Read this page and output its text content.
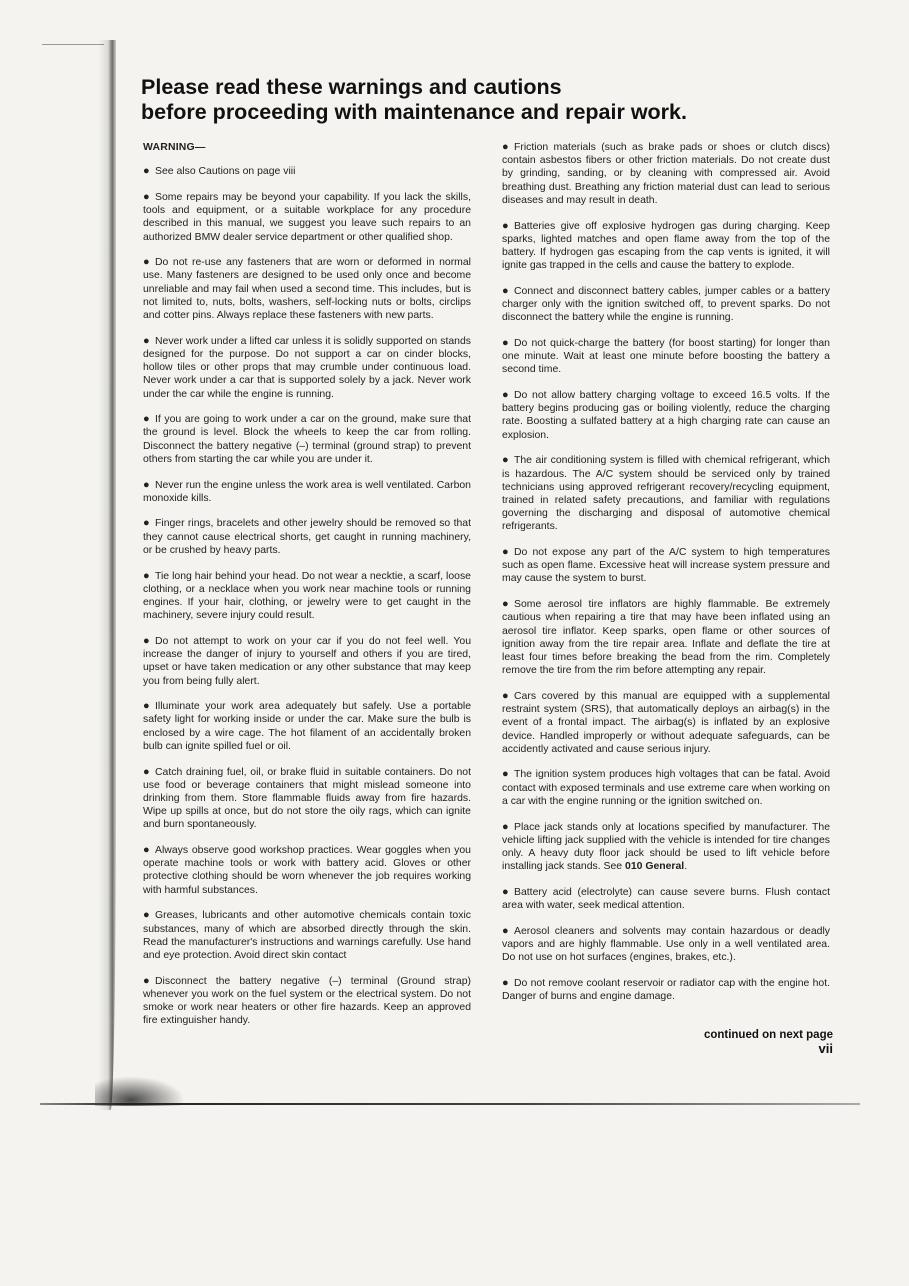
Please read these warnings and cautions
before proceeding with maintenance and repair work.

WARNING—

●See also Cautions on page viii

●Some repairs may be beyond your capability. If you lack the skills, tools and equipment, or a suitable workplace for any procedure described in this manual, we suggest you leave such repairs to an authorized BMW dealer service department or other qualified shop.

●Do not re-use any fasteners that are worn or deformed in normal use. Many fasteners are designed to be used only once and become unreliable and may fail when used a second time. This includes, but is not limited to, nuts, bolts, washers, self-locking nuts or bolts, circlips and cotter pins. Always replace these fasteners with new parts.

●Never work under a lifted car unless it is solidly supported on stands designed for the purpose. Do not support a car on cinder blocks, hollow tiles or other props that may crumble under continuous load. Never work under a car that is supported solely by a jack. Never work under the car while the engine is running.

●If you are going to work under a car on the ground, make sure that the ground is level. Block the wheels to keep the car from rolling. Disconnect the battery negative (–) terminal (ground strap) to prevent others from starting the car while you are under it.

●Never run the engine unless the work area is well ventilated. Carbon monoxide kills.

●Finger rings, bracelets and other jewelry should be removed so that they cannot cause electrical shorts, get caught in running machinery, or be crushed by heavy parts.

●Tie long hair behind your head. Do not wear a necktie, a scarf, loose clothing, or a necklace when you work near machine tools or running engines. If your hair, clothing, or jewelry were to get caught in the machinery, severe injury could result.

●Do not attempt to work on your car if you do not feel well. You increase the danger of injury to yourself and others if you are tired, upset or have taken medication or any other substance that may keep you from being fully alert.

●Illuminate your work area adequately but safely. Use a portable safety light for working inside or under the car. Make sure the bulb is enclosed by a wire cage. The hot filament of an accidentally broken bulb can ignite spilled fuel or oil.

●Catch draining fuel, oil, or brake fluid in suitable containers. Do not use food or beverage containers that might mislead someone into drinking from them. Store flammable fluids away from fire hazards. Wipe up spills at once, but do not store the oily rags, which can ignite and burn spontaneously.

●Always observe good workshop practices. Wear goggles when you operate machine tools or work with battery acid. Gloves or other protective clothing should be worn whenever the job requires working with harmful substances.

●Greases, lubricants and other automotive chemicals contain toxic substances, many of which are absorbed directly through the skin. Read the manufacturer's instructions and warnings carefully. Use hand and eye protection. Avoid direct skin contact

●Disconnect the battery negative (–) terminal (Ground strap) whenever you work on the fuel system or the electrical system. Do not smoke or work near heaters or other fire hazards. Keep an approved fire extinguisher handy.

●Friction materials (such as brake pads or shoes or clutch discs) contain asbestos fibers or other friction materials. Do not create dust by grinding, sanding, or by cleaning with compressed air. Avoid breathing dust. Breathing any friction material dust can lead to serious diseases and may result in death.

●Batteries give off explosive hydrogen gas during charging. Keep sparks, lighted matches and open flame away from the top of the battery. If hydrogen gas escaping from the cap vents is ignited, it will ignite gas trapped in the cells and cause the battery to explode.

●Connect and disconnect battery cables, jumper cables or a battery charger only with the ignition switched off, to prevent sparks. Do not disconnect the battery while the engine is running.

●Do not quick-charge the battery (for boost starting) for longer than one minute. Wait at least one minute before boosting the battery a second time.

●Do not allow battery charging voltage to exceed 16.5 volts. If the battery begins producing gas or boiling violently, reduce the charging rate. Boosting a sulfated battery at a high charging rate can cause an explosion.

●The air conditioning system is filled with chemical refrigerant, which is hazardous. The A/C system should be serviced only by trained technicians using approved refrigerant recovery/recycling equipment, trained in related safety precautions, and familiar with regulations governing the discharging and disposal of automotive chemical refrigerants.

●Do not expose any part of the A/C system to high temperatures such as open flame. Excessive heat will increase system pressure and may cause the system to burst.

●Some aerosol tire inflators are highly flammable. Be extremely cautious when repairing a tire that may have been inflated using an aerosol tire inflator. Keep sparks, open flame or other sources of ignition away from the tire repair area. Inflate and deflate the tire at least four times before breaking the bead from the rim. Completely remove the tire from the rim before attempting any repair.

●Cars covered by this manual are equipped with a supplemental restraint system (SRS), that automatically deploys an airbag(s) in the event of a frontal impact. The airbag(s) is inflated by an explosive device. Handled improperly or without adequate safeguards, can be accidently activated and cause serious injury.

●The ignition system produces high voltages that can be fatal. Avoid contact with exposed terminals and use extreme care when working on a car with the engine running or the ignition switched on.

●Place jack stands only at locations specified by manufacturer. The vehicle lifting jack supplied with the vehicle is intended for tire changes only. A heavy duty floor jack should be used to lift vehicle before installing jack stands. See 010 General.

●Battery acid (electrolyte) can cause severe burns. Flush contact area with water, seek medical attention.

●Aerosol cleaners and solvents may contain hazardous or deadly vapors and are highly flammable. Use only in a well ventilated area. Do not use on hot surfaces (engines, brakes, etc.).

●Do not remove coolant reservoir or radiator cap with the engine hot. Danger of burns and engine damage.

continued on next page
vii
